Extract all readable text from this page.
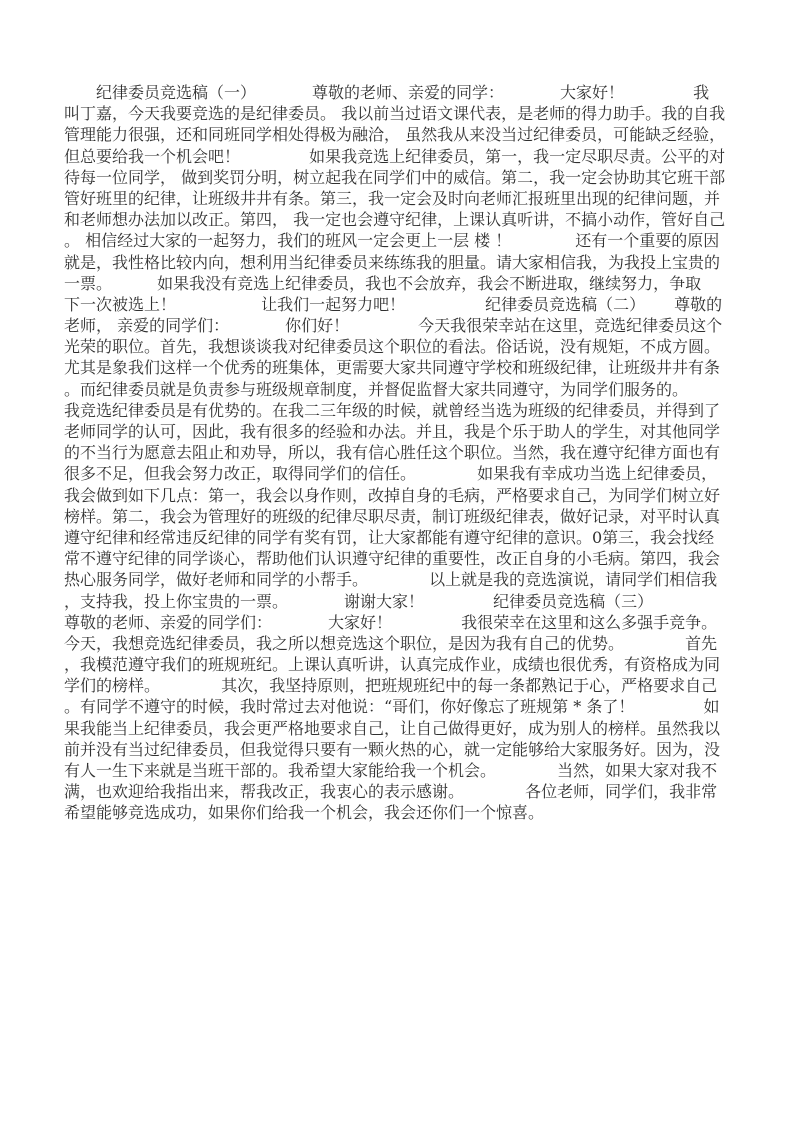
　　纪律委员竞选稿（一）　　　　尊敬的老师、亲爱的同学：　　　　大家好！　　　　 我
叫丁嘉，今天我要竞选的是纪律委员。 我以前当过语文课代表，是老师的得力助手。我的自我
管理能力很强，还和同班同学相处得极为融洽， 虽然我从来没当过纪律委员，可能缺乏经验，
但总要给我一个机会吧！　　　　 如果我竞选上纪律委员，第一，我一定尽职尽责。公平的对
待每一位同学， 做到奖罚分明，树立起我在同学们中的威信。第二，我一定会协助其它班干部
管好班里的纪律，让班级井井有条。第三，我一定会及时向老师汇报班里出现的纪律问题，并
和老师想办法加以改正。第四， 我一定也会遵守纪律，上课认真听讲，不搞小动作，管好自己
。 相信经过大家的一起努力，我们的班风一定会更上一层 楼 ！　　　　还有一个重要的原因
就是，我性格比较内向，想利用当纪律委员来练练我的胆量。请大家相信我，为我投上宝贵的
一票。　　　 如果我没有竞选上纪律委员，我也不会放弃，我会不断进取，继续努力，争取
下一次被选上！　　　　　 让我们一起努力吧！　　　　　纪律委员竞选稿（二）　　 尊敬的
老师， 亲爱的同学们：　　　　你们好！　　　　 今天我很荣幸站在这里，竞选纪律委员这个
光荣的职位。首先，我想谈谈我对纪律委员这个职位的看法。俗话说，没有规矩，不成方圆。
尤其是象我们这样一个优秀的班集体，更需要大家共同遵守学校和班级纪律，让班级井井有条
。而纪律委员就是负责参与班级规章制度，并督促监督大家共同遵守，为同学们服务的。
我竞选纪律委员是有优势的。在我二三年级的时候，就曾经当选为班级的纪律委员，并得到了
老师同学的认可，因此，我有很多的经验和办法。并且，我是个乐于助人的学生，对其他同学
的不当行为愿意去阻止和劝导，所以，我有信心胜任这个职位。当然，我在遵守纪律方面也有
很多不足，但我会努力改正，取得同学们的信任。　　　　 如果我有幸成功当选上纪律委员，
我会做到如下几点：第一，我会以身作则，改掉自身的毛病，严格要求自己，为同学们树立好
榜样。第二，我会为管理好的班级的纪律尽职尽责，制订班级纪律表，做好记录，对平时认真
遵守纪律和经常违反纪律的同学有奖有罚，让大家都能有遵守纪律的意识。0第三，我会找经
常不遵守纪律的同学谈心，帮助他们认识遵守纪律的重要性，改正自身的小毛病。第四，我会
热心服务同学，做好老师和同学的小帮手。　　　　 以上就是我的竞选演说，请同学们相信我
，支持我，投上你宝贵的一票。　　　　谢谢大家！　　　　 纪律委员竞选稿（三）
尊敬的老师、亲爱的同学们：　　　　大家好！　　　　 我很荣幸在这里和这么多强手竞争。
今天，我想竞选纪律委员，我之所以想竞选这个职位，是因为我有自己的优势。　　　　 首先
，我模范遵守我们的班规班纪。上课认真听讲，认真完成作业，成绩也很优秀，有资格成为同
学们的榜样。　　　　 其次，我坚持原则，把班规班纪中的每一条都熟记于心，严格要求自己
。有同学不遵守的时候，我时常过去对他说：“哥们，你好像忘了班规第 * 条了！　　　　 如
果我能当上纪律委员，我会更严格地要求自己，让自己做得更好，成为别人的榜样。虽然我以
前并没有当过纪律委员，但我觉得只要有一颗火热的心，就一定能够给大家服务好。因为，没
有人一生下来就是当班干部的。我希望大家能给我一个机会。　　　　 当然，如果大家对我不
满，也欢迎给我指出来，帮我改正，我衷心的表示感谢。　　　　 各位老师，同学们，我非常
希望能够竞选成功，如果你们给我一个机会，我会还你们一个惊喜。
